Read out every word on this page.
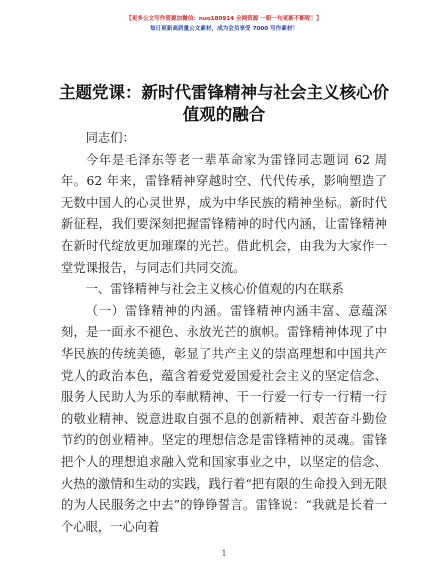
【更多公文写作资源加微信：nuo180914 全网资源 一职一句更新不断呢！】
每日更新高质量公文素材，成为会员享受 7000 写作素材！
主题党课：新时代雷锋精神与社会主义核心价
值观的融合

同志们：

今年是毛泽东等老一辈革命家为雷锋同志题词 62 周年。62 年来，雷锋精神穿越时空、代代传承，影响塑造了无数中国人的心灵世界，成为中华民族的精神坐标。新时代新征程，我们要深刻把握雷锋精神的时代内涵，让雷锋精神在新时代绽放更加璀璨的光芒。借此机会，由我为大家作一堂党课报告，与同志们共同交流。

一、雷锋精神与社会主义核心价值观的内在联系

（一）雷锋精神的内涵。雷锋精神内涵丰富、意蕴深刻，是一面永不褪色、永放光芒的旗帜。雷锋精神体现了中华民族的传统美德，彰显了共产主义的崇高理想和中国共产党人的政治本色，蕴含着爱党爱国爱社会主义的坚定信念、服务人民助人为乐的奉献精神、干一行爱一行专一行精一行的敬业精神、锐意进取自强不息的创新精神、艰苦奋斗勤俭节约的创业精神。坚定的理想信念是雷锋精神的灵魂。雷锋把个人的理想追求融入党和国家事业之中，以坚定的信念、火热的激情和生动的实践，践行着“把有限的生命投入到无限的为人民服务之中去”的铮铮誓言。雷锋说：“我就是长着一个心眼，一心向着

1
